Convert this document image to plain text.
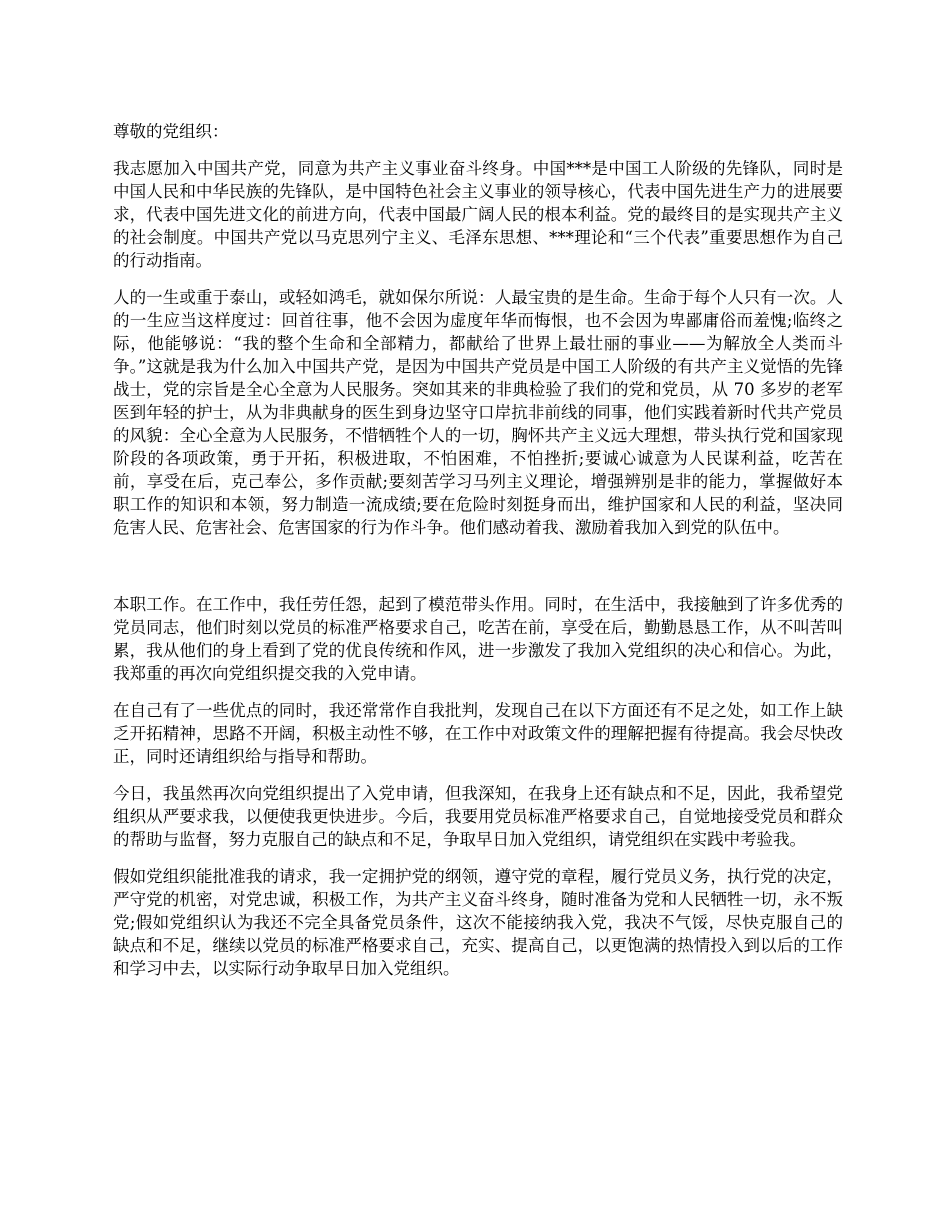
尊敬的党组织：

我志愿加入中国共产党，同意为共产主义事业奋斗终身。中国***是中国工人阶级的先锋队，同时是中国人民和中华民族的先锋队，是中国特色社会主义事业的领导核心，代表中国先进生产力的进展要求，代表中国先进文化的前进方向，代表中国最广阔人民的根本利益。党的最终目的是实现共产主义的社会制度。中国共产党以马克思列宁主义、毛泽东思想、***理论和“三个代表”重要思想作为自己的行动指南。

人的一生或重于泰山，或轻如鸿毛，就如保尔所说：人最宝贵的是生命。生命于每个人只有一次。人的一生应当这样度过：回首往事，他不会因为虚度年华而悔恨，也不会因为卑鄙庸俗而羞愧;临终之际，他能够说：“我的整个生命和全部精力，都献给了世界上最壮丽的事业——为解放全人类而斗争。”这就是我为什么加入中国共产党，是因为中国共产党员是中国工人阶级的有共产主义觉悟的先锋战士，党的宗旨是全心全意为人民服务。突如其来的非典检验了我们的党和党员，从 70 多岁的老军医到年轻的护士，从为非典献身的医生到身边坚守口岸抗非前线的同事，他们实践着新时代共产党员的风貌：全心全意为人民服务，不惜牺牲个人的一切，胸怀共产主义远大理想，带头执行党和国家现阶段的各项政策，勇于开拓，积极进取，不怕困难，不怕挫折;要诚心诚意为人民谋利益，吃苦在前，享受在后，克己奉公，多作贡献;要刻苦学习马列主义理论，增强辨别是非的能力，掌握做好本职工作的知识和本领，努力制造一流成绩;要在危险时刻挺身而出，维护国家和人民的利益，坚决同危害人民、危害社会、危害国家的行为作斗争。他们感动着我、激励着我加入到党的队伍中。

本职工作。在工作中，我任劳任怨，起到了模范带头作用。同时，在生活中，我接触到了许多优秀的党员同志，他们时刻以党员的标准严格要求自己，吃苦在前，享受在后，勤勤恳恳工作，从不叫苦叫累，我从他们的身上看到了党的优良传统和作风，进一步激发了我加入党组织的决心和信心。为此，我郑重的再次向党组织提交我的入党申请。

在自己有了一些优点的同时，我还常常作自我批判，发现自己在以下方面还有不足之处，如工作上缺乏开拓精神，思路不开阔，积极主动性不够，在工作中对政策文件的理解把握有待提高。我会尽快改正，同时还请组织给与指导和帮助。

今日，我虽然再次向党组织提出了入党申请，但我深知，在我身上还有缺点和不足，因此，我希望党组织从严要求我，以便使我更快进步。今后，我要用党员标准严格要求自己，自觉地接受党员和群众的帮助与监督，努力克服自己的缺点和不足，争取早日加入党组织，请党组织在实践中考验我。

假如党组织能批准我的请求，我一定拥护党的纲领，遵守党的章程，履行党员义务，执行党的决定，严守党的机密，对党忠诚，积极工作，为共产主义奋斗终身，随时准备为党和人民牺牲一切，永不叛党;假如党组织认为我还不完全具备党员条件，这次不能接纳我入党，我决不气馁，尽快克服自己的缺点和不足，继续以党员的标准严格要求自己，充实、提高自己，以更饱满的热情投入到以后的工作和学习中去，以实际行动争取早日加入党组织。
